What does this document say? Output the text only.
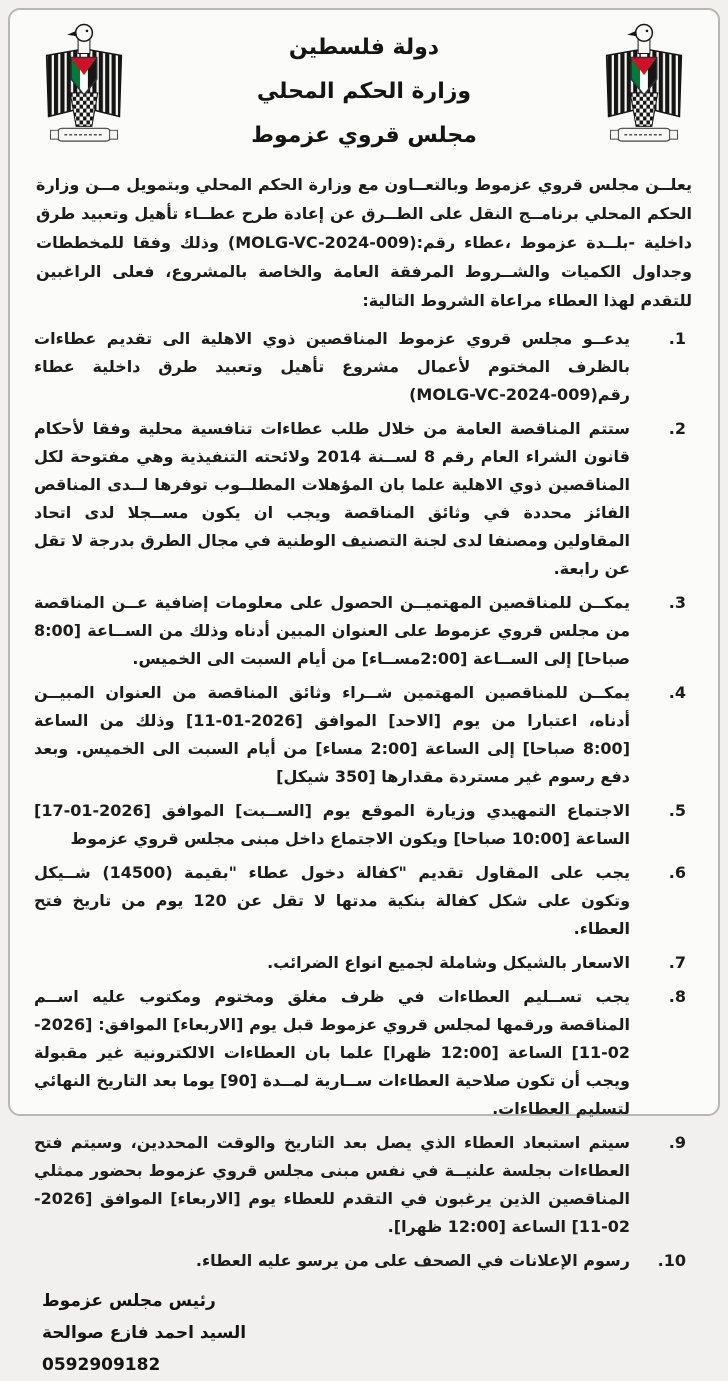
دولة فلسطين
وزارة الحكم المحلي
مجلس قروي عزموط

يعلــن مجلس قروي عزموط وبالتعــاون مع وزارة الحكم المحلي وبتمويل مــن وزارة الحكم المحلي برنامــج النقل على الطــرق عن إعادة طرح عطــاء تأهيل وتعبيد طرق داخلية -بلــدة عزموط ،عطاء رقم:(MOLG-VC-2024-009) وذلك وفقا للمخططات وجداول الكميات والشــروط المرفقة العامة والخاصة بالمشروع، فعلى الراغبين للتقدم لهذا العطاء مراعاة الشروط التالية:

1.
يدعــو مجلس قروي عزموط المناقصين ذوي الاهلية الى تقديم عطاءات بالظرف المختوم لأعمال مشروع تأهيل وتعبيد طرق داخلية عطاء رقم(MOLG-VC-2024-009)
2.
ستتم المناقصة العامة من خلال طلب عطاءات تنافسية محلية وفقا لأحكام قانون الشراء العام رقم 8 لســنة 2014 ولائحته التنفيذية وهي مفتوحة لكل المناقصين ذوي الاهلية علما بان المؤهلات المطلــوب توفرها لــدى المناقص الفائز محددة في وثائق المناقصة ويجب ان يكون مســجلا لدى اتحاد المقاولين ومصنفا لدى لجنة التصنيف الوطنية في مجال الطرق بدرجة لا تقل عن رابعة.
3.
يمكــن للمناقصين المهتميــن الحصول على معلومات إضافية عــن المناقصة من مجلس قروي عزموط على العنوان المبين أدناه وذلك من الســاعة [8:00 صباحا] إلى الســاعة [2:00مســاء] من أيام السبت الى الخميس.
4.
يمكــن للمناقصين المهتمين شــراء وثائق المناقصة من العنوان المبيــن أدناه، اعتبارا من يوم [الاحد] الموافق [2026-01-11] وذلك من الساعة [8:00 صباحا] إلى الساعة [2:00 مساء] من أيام السبت الى الخميس. وبعد دفع رسوم غير مستردة مقدارها [350 شيكل]
5.
الاجتماع التمهيدي وزيارة الموقع يوم [الســبت] الموافق [2026-01-17] الساعة [10:00 صباحا] ويكون الاجتماع داخل مبنى مجلس قروي عزموط
6.
يجب على المقاول تقديم "كفالة دخول عطاء "بقيمة (14500) شــيكل وتكون على شكل كفالة بنكية مدتها لا تقل عن 120 يوم من تاريخ فتح العطاء.
7.
الاسعار بالشيكل وشاملة لجميع انواع الضرائب.
8.
يجب تســليم العطاءات في ظرف مغلق ومختوم ومكتوب عليه اســم المناقصة ورقمها لمجلس قروي عزموط قبل يوم [الاربعاء] الموافق: [2026-02-11] الساعة [12:00 ظهرا] علما بان العطاءات الالكترونية غير مقبولة ويجب أن تكون صلاحية العطاءات ســارية لمــدة [90] يوما بعد التاريخ النهائي لتسليم العطاءات.
9.
سيتم استبعاد العطاء الذي يصل بعد التاريخ والوقت المحددين، وسيتم فتح العطاءات بجلسة علنيــة في نفس مبنى مجلس قروي عزموط بحضور ممثلي المناقصين الذين يرغبون في التقدم للعطاء يوم [الاربعاء] الموافق [2026-02-11] الساعة [12:00 ظهرا].
10.
رسوم الإعلانات في الصحف على من يرسو عليه العطاء.
رئيس مجلس عزموط
السيد احمد فازع صوالحة
0592909182
